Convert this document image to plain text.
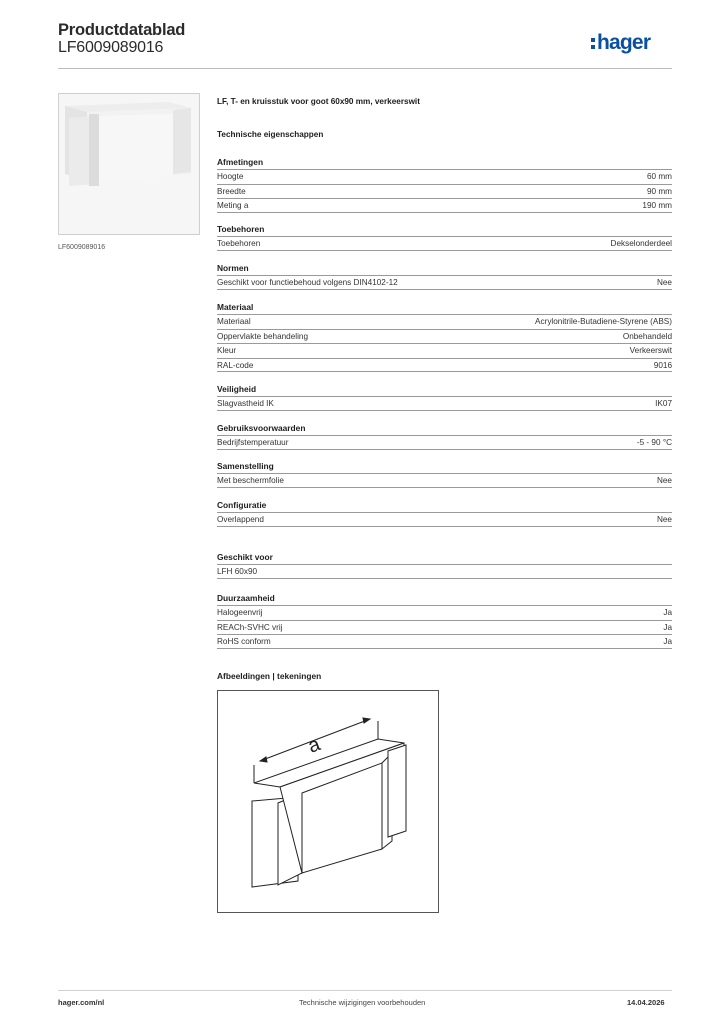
Productdatablad
LF6009089016	hager
LF6009089016
LF, T- en kruisstuk voor goot 60x90 mm, verkeerswit
Technische eigenschappen
Afmetingen
Hoogte	60 mm
Breedte	90 mm
Meting a	190 mm
Toebehoren
Toebehoren	Dekselonderdeel
Normen
Geschikt voor functiebehoud volgens DIN4102-12	Nee
Materiaal
Materiaal	Acrylonitrile-Butadiene-Styrene (ABS)
Oppervlakte behandeling	Onbehandeld
Kleur	Verkeerswit
RAL-code	9016
Veiligheid
Slagvastheid IK	IK07
Gebruiksvoorwaarden
Bedrijfstemperatuur	-5 - 90 °C
Samenstelling
Met beschermfolie	Nee
Configuratie
Overlappend	Nee
Geschikt voor
LFH 60x90
Duurzaamheid
Halogeenvrij	Ja
REACh-SVHC vrij	Ja
RoHS conform	Ja
Afbeeldingen | tekeningen
a
hager.com/nl	Technische wijzigingen voorbehouden	14.04.2026
